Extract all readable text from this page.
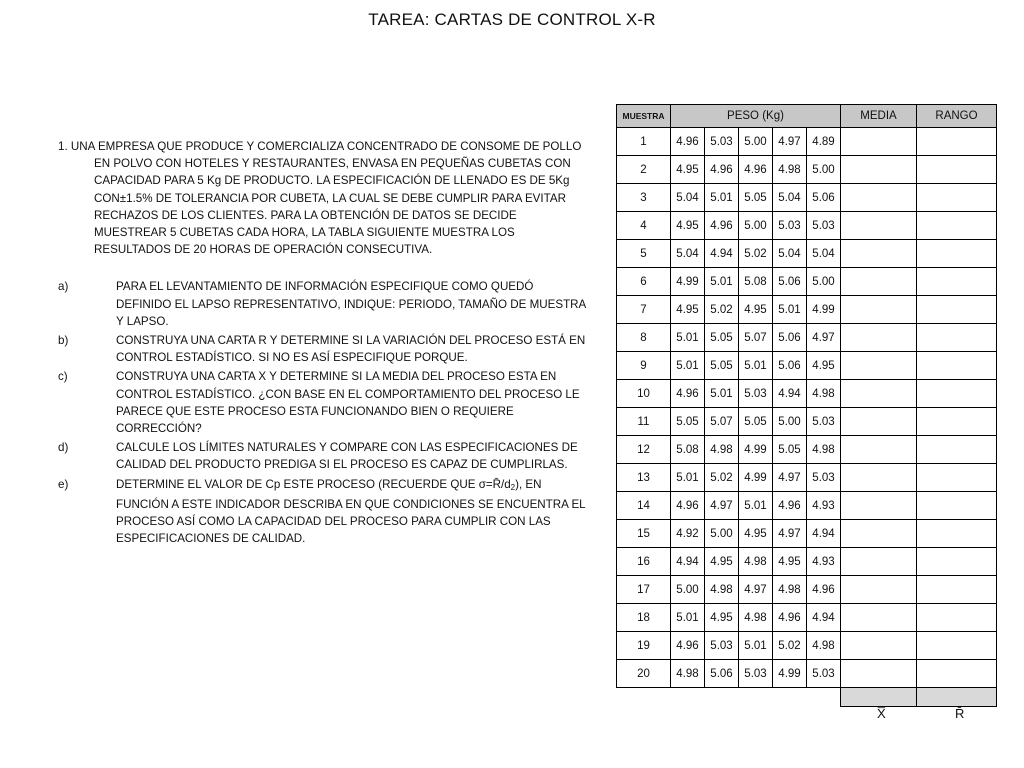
TAREA: CARTAS DE CONTROL X-R

1. UNA EMPRESA QUE PRODUCE Y COMERCIALIZA CONCENTRADO DE CONSOME DE POLLO EN POLVO CON HOTELES Y RESTAURANTES, ENVASA EN PEQUEÑAS CUBETAS CON CAPACIDAD PARA 5 Kg DE PRODUCTO. LA ESPECIFICACIÓN DE LLENADO ES DE 5Kg CON±1.5% DE TOLERANCIA POR CUBETA, LA CUAL SE DEBE CUMPLIR PARA EVITAR RECHAZOS DE LOS CLIENTES. PARA LA OBTENCIÓN DE DATOS SE DECIDE MUESTREAR 5 CUBETAS CADA HORA, LA TABLA SIGUIENTE MUESTRA LOS RESULTADOS DE 20 HORAS DE OPERACIÓN CONSECUTIVA.

a)	PARA EL LEVANTAMIENTO DE INFORMACIÓN ESPECIFIQUE COMO QUEDÓ DEFINIDO EL LAPSO REPRESENTATIVO, INDIQUE: PERIODO, TAMAÑO DE MUESTRA Y LAPSO.
b)	CONSTRUYA UNA CARTA R Y DETERMINE SI LA VARIACIÓN DEL PROCESO ESTÁ EN CONTROL ESTADÍSTICO. SI NO ES ASÍ ESPECIFIQUE PORQUE.
c)	CONSTRUYA UNA CARTA X Y DETERMINE SI LA MEDIA DEL PROCESO ESTA EN CONTROL ESTADÍSTICO. ¿CON BASE EN EL COMPORTAMIENTO DEL PROCESO LE PARECE QUE ESTE PROCESO ESTA FUNCIONANDO BIEN O REQUIERE CORRECCIÓN?
d)	CALCULE LOS LÍMITES NATURALES Y COMPARE CON LAS ESPECIFICACIONES DE CALIDAD DEL PRODUCTO PREDIGA SI EL PROCESO ES CAPAZ DE CUMPLIRLAS.
e)	DETERMINE EL VALOR DE Cp ESTE PROCESO (RECUERDE QUE $\sigma=R̄/d_2$), EN FUNCIÓN A ESTE INDICADOR DESCRIBA EN QUE CONDICIONES SE ENCUENTRA EL PROCESO ASÍ COMO LA CAPACIDAD DEL PROCESO PARA CUMPLIR CON LAS ESPECIFICACIONES DE CALIDAD.
MUESTRA	PESO (Kg)					MEDIA	RANGO
1	4.96	5.03	5.00	4.97	4.89		
2	4.95	4.96	4.96	4.98	5.00		
3	5.04	5.01	5.05	5.04	5.06		
4	4.95	4.96	5.00	5.03	5.03		
5	5.04	4.94	5.02	5.04	5.04		
6	4.99	5.01	5.08	5.06	5.00		
7	4.95	5.02	4.95	5.01	4.99		
8	5.01	5.05	5.07	5.06	4.97		
9	5.01	5.05	5.01	5.06	4.95		
10	4.96	5.01	5.03	4.94	4.98		
11	5.05	5.07	5.05	5.00	5.03		
12	5.08	4.98	4.99	5.05	4.98		
13	5.01	5.02	4.99	4.97	5.03		
14	4.96	4.97	5.01	4.96	4.93		
15	4.92	5.00	4.95	4.97	4.94		
16	4.94	4.95	4.98	4.95	4.93		
17	5.00	4.98	4.97	4.98	4.96		
18	5.01	4.95	4.98	4.96	4.94		
19	4.96	5.03	5.01	5.02	4.98		
20	4.98	5.06	5.03	4.99	5.03		

X̿	R̄
